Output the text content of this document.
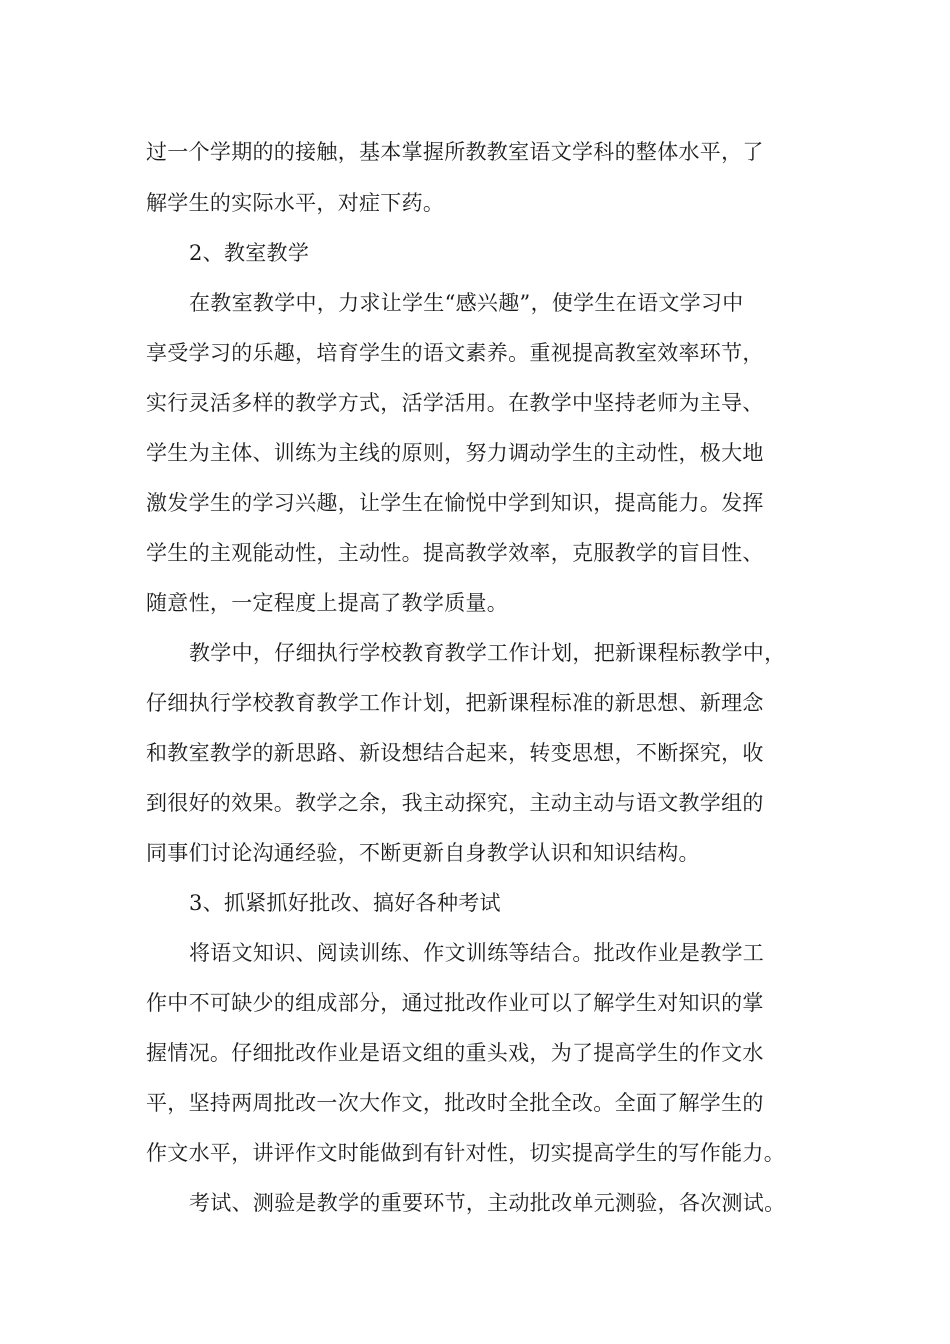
过一个学期的的接触，基本掌握所教教室语文学科的整体水平，了
解学生的实际水平，对症下药。
2、教室教学
在教室教学中，力求让学生“感兴趣”，使学生在语文学习中
享受学习的乐趣，培育学生的语文素养。重视提高教室效率环节，
实行灵活多样的教学方式，活学活用。在教学中坚持老师为主导、
学生为主体、训练为主线的原则，努力调动学生的主动性，极大地
激发学生的学习兴趣，让学生在愉悦中学到知识，提高能力。发挥
学生的主观能动性，主动性。提高教学效率，克服教学的盲目性、
随意性，一定程度上提高了教学质量。
教学中，仔细执行学校教育教学工作计划，把新课程标教学中，
仔细执行学校教育教学工作计划，把新课程标准的新思想、新理念
和教室教学的新思路、新设想结合起来，转变思想，不断探究，收
到很好的效果。教学之余，我主动探究，主动主动与语文教学组的
同事们讨论沟通经验，不断更新自身教学认识和知识结构。
3、抓紧抓好批改、搞好各种考试
将语文知识、阅读训练、作文训练等结合。批改作业是教学工
作中不可缺少的组成部分，通过批改作业可以了解学生对知识的掌
握情况。仔细批改作业是语文组的重头戏，为了提高学生的作文水
平，坚持两周批改一次大作文，批改时全批全改。全面了解学生的
作文水平，讲评作文时能做到有针对性，切实提高学生的写作能力。
考试、测验是教学的重要环节，主动批改单元测验，各次测试。
